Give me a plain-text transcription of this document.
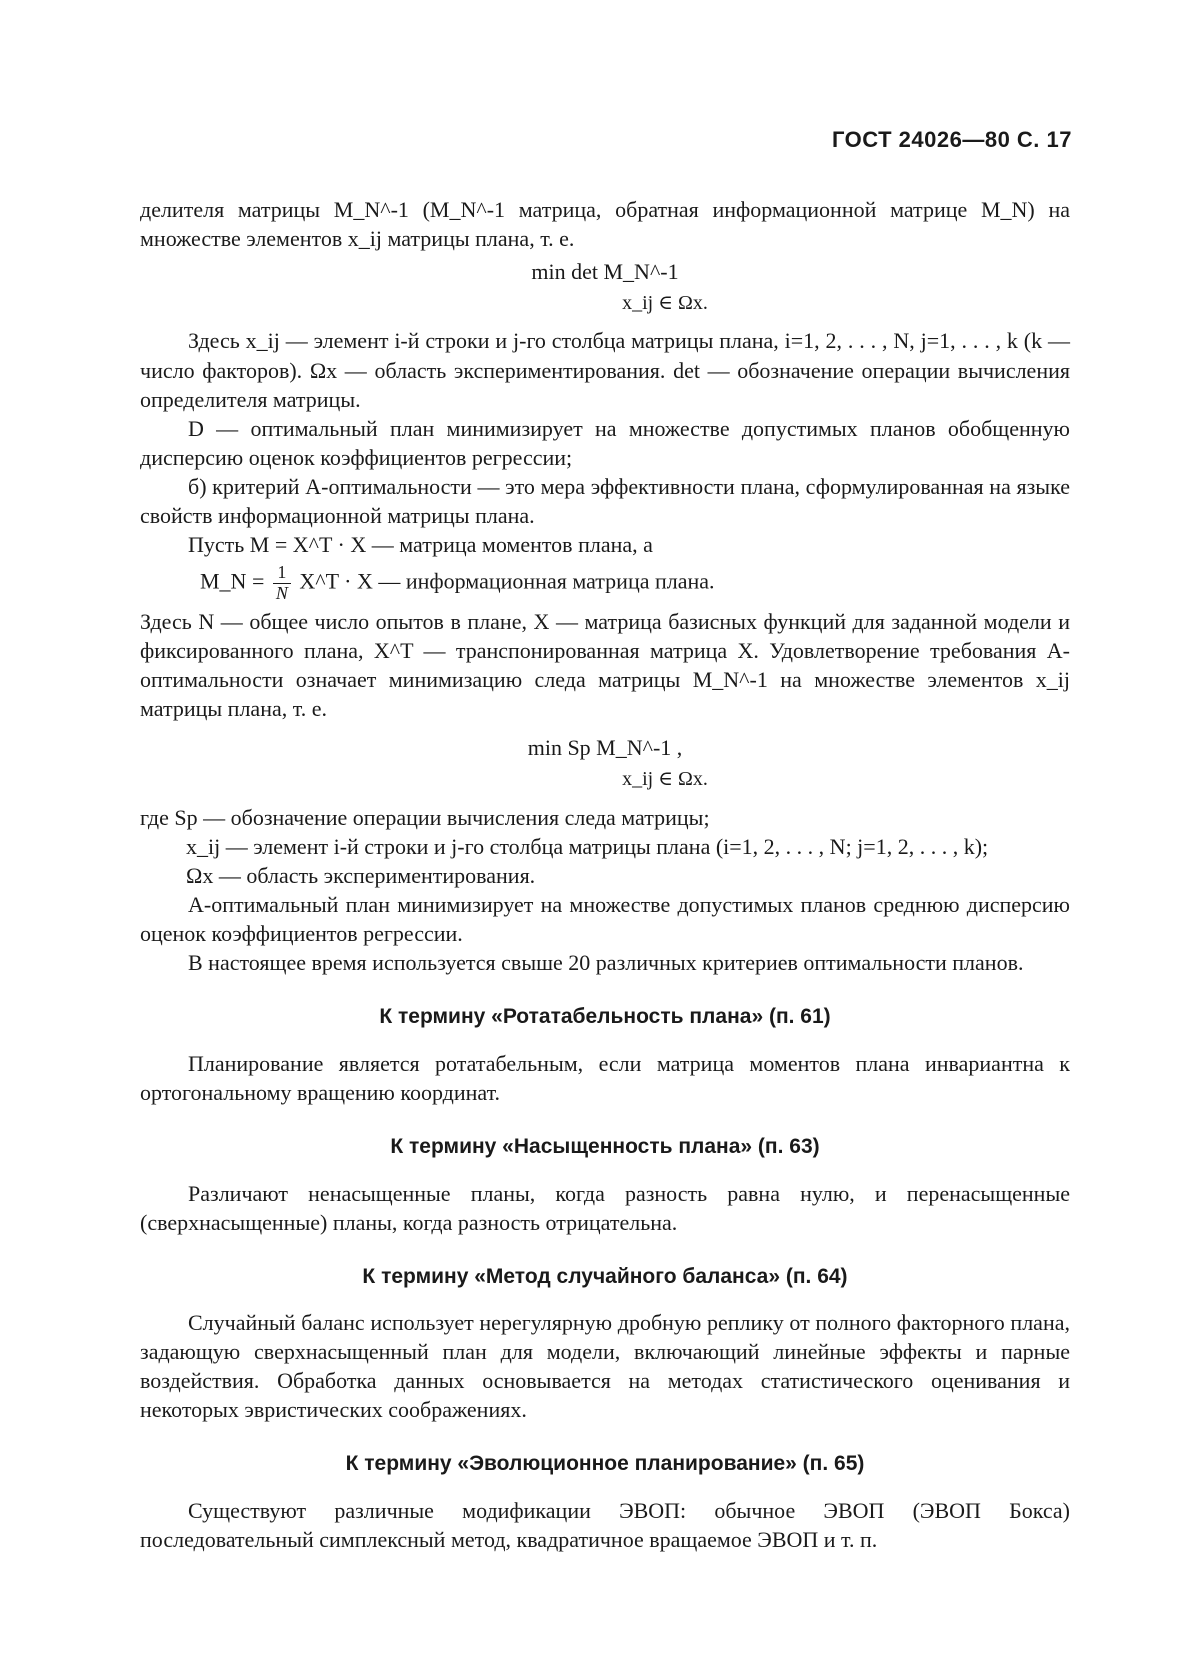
ГОСТ 24026—80 С. 17

делителя матрицы M_N^-1 (M_N^-1 матрица, обратная информационной матрице M_N) на множестве элементов x_ij матрицы плана, т. е.

min det M_N^-1
x_ij ∈ Ωx.

Здесь x_ij — элемент i-й строки и j-го столбца матрицы плана, i=1, 2, . . . , N, j=1, . . . , k (k — число факторов). Ωx — область экспериментирования. det — обозначение операции вычисления определителя матрицы.

D — оптимальный план минимизирует на множестве допустимых планов обобщенную дисперсию оценок коэффициентов регрессии;

б) критерий A-оптимальности — это мера эффективности плана, сформулированная на языке свойств информационной матрицы плана.

Пусть M = X^T · X — матрица моментов плана, а

M_N = $\frac{1}{N}$ X^T · X — информационная матрица плана.

Здесь N — общее число опытов в плане, X — матрица базисных функций для заданной модели и фиксированного плана, X^T — транспонированная матрица X. Удовлетворение требования A-оптимальности означает минимизацию следа матрицы M_N^-1 на множестве элементов x_ij матрицы плана, т. е.

min Sp M_N^-1 ,
x_ij ∈ Ωx.

где Sp — обозначение операции вычисления следа матрицы;

x_ij — элемент i-й строки и j-го столбца матрицы плана (i=1, 2, . . . , N; j=1, 2, . . . , k);

Ωx — область экспериментирования.

A-оптимальный план минимизирует на множестве допустимых планов среднюю дисперсию оценок коэффициентов регрессии.

В настоящее время используется свыше 20 различных критериев оптимальности планов.

К термину «Ротатабельность плана» (п. 61)

Планирование является ротатабельным, если матрица моментов плана инвариантна к ортогональному вращению координат.

К термину «Насыщенность плана» (п. 63)

Различают ненасыщенные планы, когда разность равна нулю, и перенасыщенные (сверхнасыщенные) планы, когда разность отрицательна.

К термину «Метод случайного баланса» (п. 64)

Случайный баланс использует нерегулярную дробную реплику от полного факторного плана, задающую сверхнасыщенный план для модели, включающий линейные эффекты и парные воздействия. Обработка данных основывается на методах статистического оценивания и некоторых эвристических соображениях.

К термину «Эволюционное планирование» (п. 65)

Существуют различные модификации ЭВОП: обычное ЭВОП (ЭВОП Бокса) последовательный симплексный метод, квадратичное вращаемое ЭВОП и т. п.
